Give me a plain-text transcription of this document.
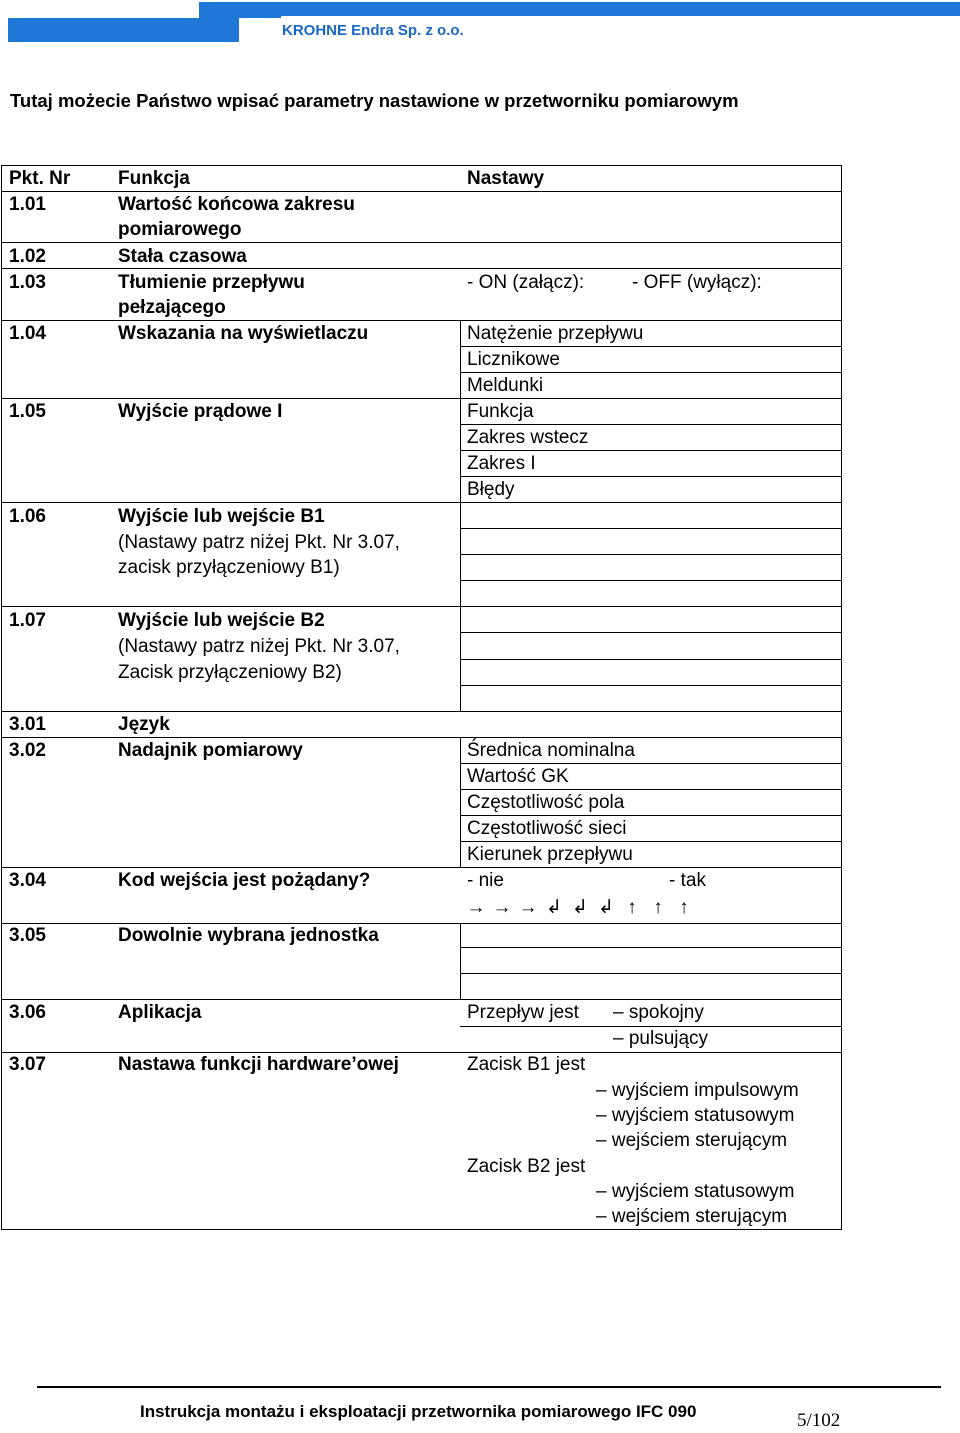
KROHNE Endra Sp. z o.o.
Tutaj możecie Państwo wpisać parametry nastawione w przetworniku pomiarowym
Pkt. Nr	Funkcja	Nastawy
1.01	Wartość końcowa zakresu
pomiarowego
1.02	Stała czasowa
1.03	Tłumienie przepływu
pełzającego
- ON (załącz):	- OFF (wyłącz):
1.04	Wskazania na wyświetlaczu	Natężenie przepływu
Licznikowe
Meldunki
1.05	Wyjście prądowe I	Funkcja
Zakres wstecz
Zakres I
Błędy
1.06	Wyjście lub wejście B1
(Nastawy patrz niżej Pkt. Nr 3.07,
zacisk przyłączeniowy B1)
1.07	Wyjście lub wejście B2
(Nastawy patrz niżej Pkt. Nr 3.07,
Zacisk przyłączeniowy B2)
3.01	Język
3.02	Nadajnik pomiarowy	Średnica nominalna
Wartość GK
Częstotliwość pola
Częstotliwość sieci
Kierunek przepływu
3.04	Kod wejścia jest pożądany?	- nie	- tak
→ → → ↲ ↲ ↲ ↑ ↑ ↑
3.05	Dowolnie wybrana jednostka
3.06	Aplikacja	Przepływ jest – spokojny
– pulsujący
3.07	Nastawa funkcji hardware’owej	Zacisk B1 jest
– wyjściem impulsowym
– wyjściem statusowym
– wejściem sterującym
Zacisk B2 jest
– wyjściem statusowym
– wejściem sterującym
Instrukcja montażu i eksploatacji przetwornika pomiarowego IFC 090	5/102
